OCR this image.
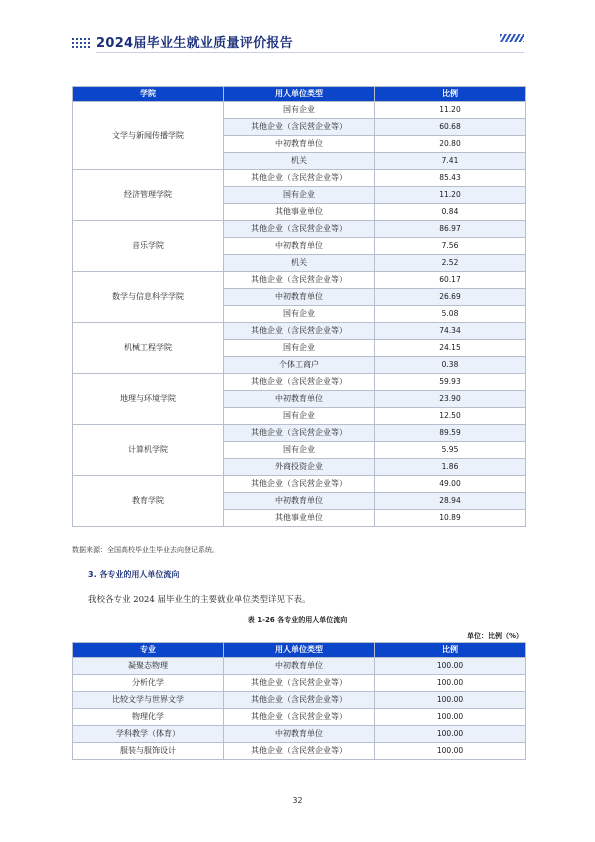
2024届毕业生就业质量评价报告
学院	用人单位类型	比例
文学与新闻传播学院	国有企业	11.20
	其他企业（含民营企业等）	60.68
	中初教育单位	20.80
	机关	7.41
经济管理学院	其他企业（含民营企业等）	85.43
	国有企业	11.20
	其他事业单位	0.84
音乐学院	其他企业（含民营企业等）	86.97
	中初教育单位	7.56
	机关	2.52
数学与信息科学学院	其他企业（含民营企业等）	60.17
	中初教育单位	26.69
	国有企业	5.08
机械工程学院	其他企业（含民营企业等）	74.34
	国有企业	24.15
	个体工商户	0.38
地理与环境学院	其他企业（含民营企业等）	59.93
	中初教育单位	23.90
	国有企业	12.50
计算机学院	其他企业（含民营企业等）	89.59
	国有企业	5.95
	外商投资企业	1.86
教育学院	其他企业（含民营企业等）	49.00
	中初教育单位	28.94
	其他事业单位	10.89
数据来源：全国高校毕业生毕业去向登记系统。
3. 各专业的用人单位流向
我校各专业 2024 届毕业生的主要就业单位类型详见下表。
表 1-26 各专业的用人单位流向
单位：比例（%）
专业	用人单位类型	比例
凝聚态物理	中初教育单位	100.00
分析化学	其他企业（含民营企业等）	100.00
比较文学与世界文学	其他企业（含民营企业等）	100.00
物理化学	其他企业（含民营企业等）	100.00
学科教学（体育）	中初教育单位	100.00
服装与服饰设计	其他企业（含民营企业等）	100.00
32
